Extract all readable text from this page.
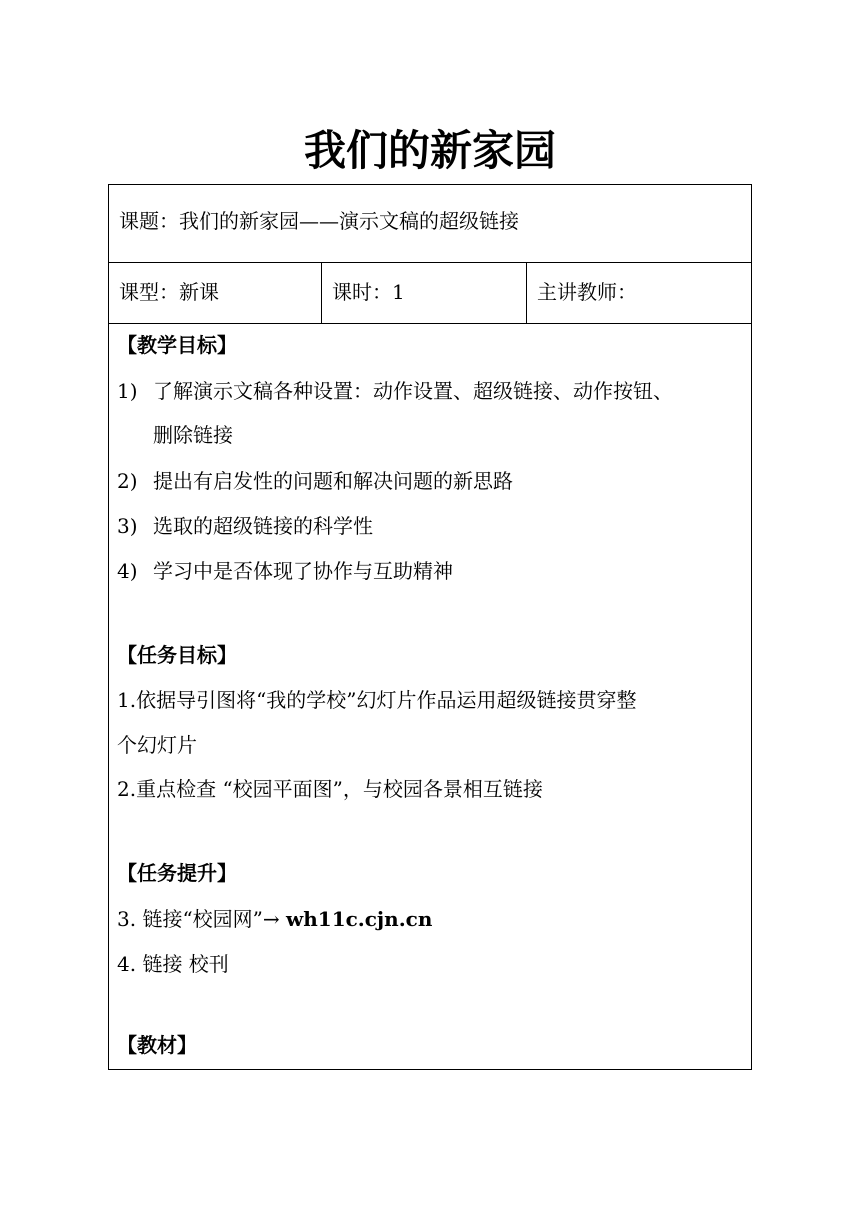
我们的新家园
课题：我们的新家园——演示文稿的超级链接
课型：新课	课时：1	主讲教师：
【教学目标】
1) 了解演示文稿各种设置：动作设置、超级链接、动作按钮、
删除链接
2) 提出有启发性的问题和解决问题的新思路
3) 选取的超级链接的科学性
4) 学习中是否体现了协作与互助精神
【任务目标】
1.依据导引图将“我的学校”幻灯片作品运用超级链接贯穿整
个幻灯片
2.重点检查 “校园平面图”，与校园各景相互链接
【任务提升】
3. 链接“校园网”→ wh11c.cjn.cn
4. 链接 校刊
【教材】
